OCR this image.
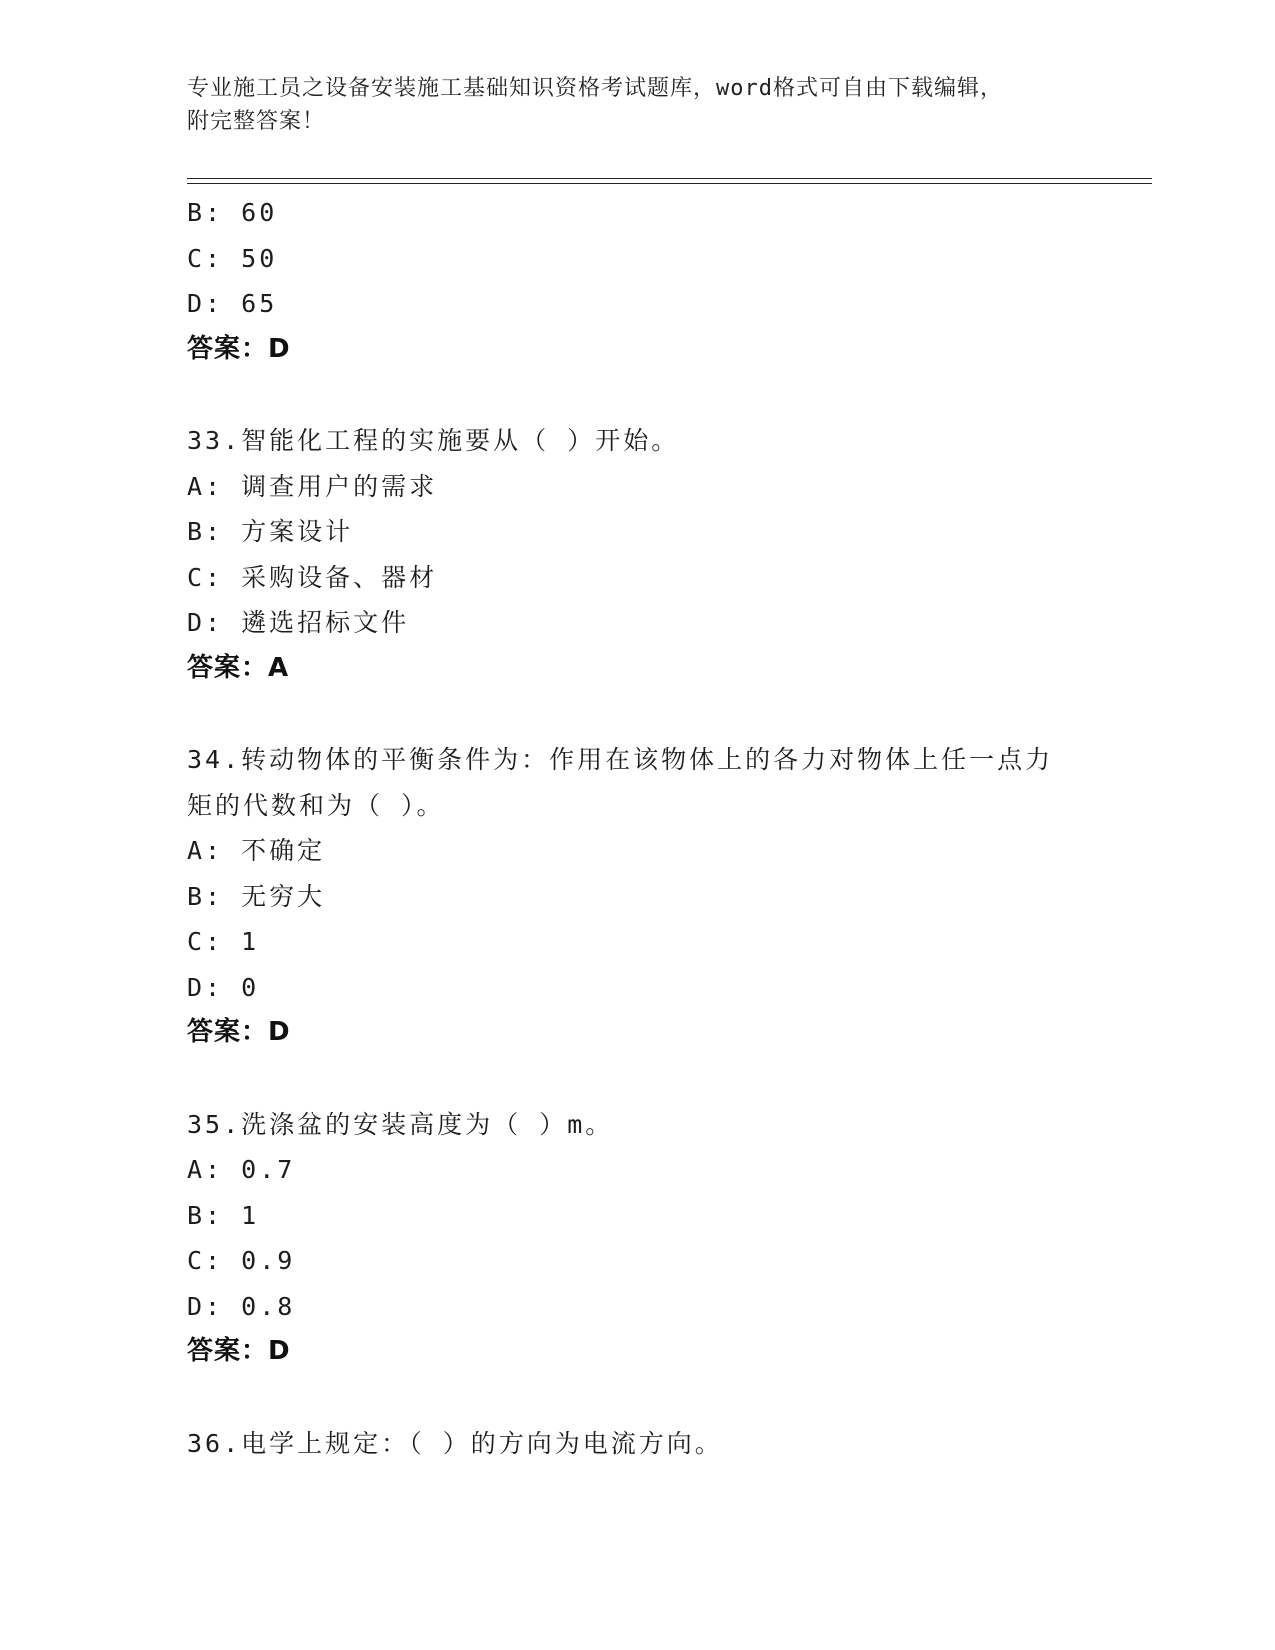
专业施工员之设备安装施工基础知识资格考试题库，word格式可自由下载编辑，
附完整答案！
B: 60
C: 50
D: 65
答案：D
33.智能化工程的实施要从（ ）开始。
A: 调查用户的需求
B: 方案设计
C: 采购设备、器材
D: 遴选招标文件
答案：A
34.转动物体的平衡条件为：作用在该物体上的各力对物体上任一点力
矩的代数和为（ ）。
A: 不确定
B: 无穷大
C: 1
D: 0
答案：D
35.洗涤盆的安装高度为（ ）m。
A: 0.7
B: 1
C: 0.9
D: 0.8
答案：D
36.电学上规定：（ ）的方向为电流方向。
